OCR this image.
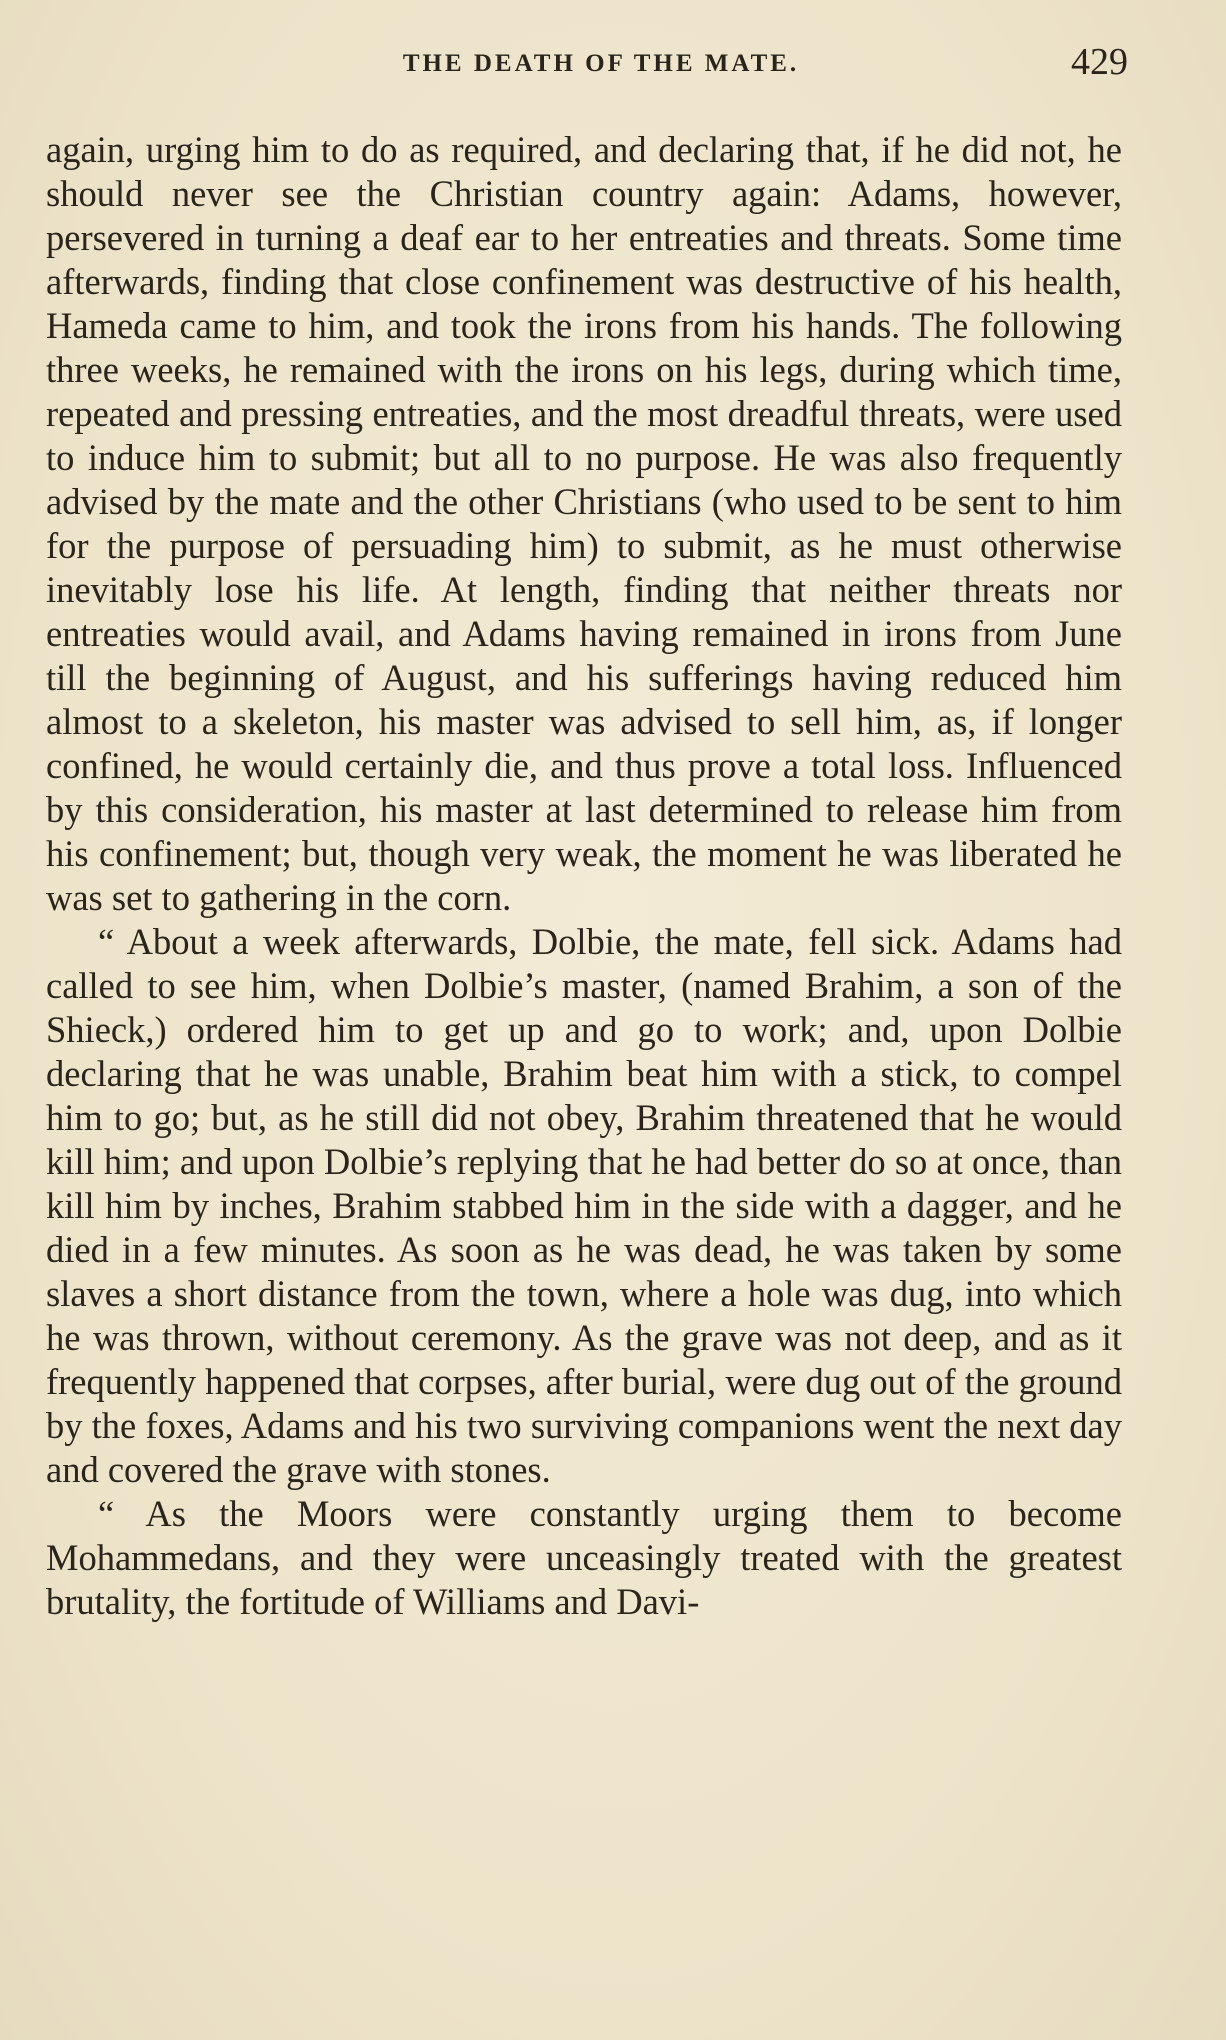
THE DEATH OF THE MATE.	429

again, urging him to do as required, and declaring that, if he did not, he should never see the Christian country again: Adams, however, persevered in turning a deaf ear to her entreaties and threats. Some time afterwards, finding that close confinement was destructive of his health, Hameda came to him, and took the irons from his hands. The following three weeks, he remained with the irons on his legs, during which time, repeated and pressing entreaties, and the most dreadful threats, were used to induce him to submit; but all to no purpose. He was also frequently advised by the mate and the other Christians (who used to be sent to him for the purpose of persuading him) to submit, as he must otherwise inevitably lose his life. At length, finding that neither threats nor entreaties would avail, and Adams having remained in irons from June till the beginning of August, and his sufferings having reduced him almost to a skeleton, his master was advised to sell him, as, if longer confined, he would certainly die, and thus prove a total loss. Influenced by this consideration, his master at last determined to release him from his confinement; but, though very weak, the moment he was liberated he was set to gathering in the corn.

“ About a week afterwards, Dolbie, the mate, fell sick. Adams had called to see him, when Dolbie’s master, (named Brahim, a son of the Shieck,) ordered him to get up and go to work; and, upon Dolbie declaring that he was unable, Brahim beat him with a stick, to compel him to go; but, as he still did not obey, Brahim threatened that he would kill him; and upon Dolbie’s replying that he had better do so at once, than kill him by inches, Brahim stabbed him in the side with a dagger, and he died in a few minutes. As soon as he was dead, he was taken by some slaves a short distance from the town, where a hole was dug, into which he was thrown, without ceremony. As the grave was not deep, and as it frequently happened that corpses, after burial, were dug out of the ground by the foxes, Adams and his two surviving companions went the next day and covered the grave with stones.

“ As the Moors were constantly urging them to become Mohammedans, and they were unceasingly treated with the greatest brutality, the fortitude of Williams and Davi-
